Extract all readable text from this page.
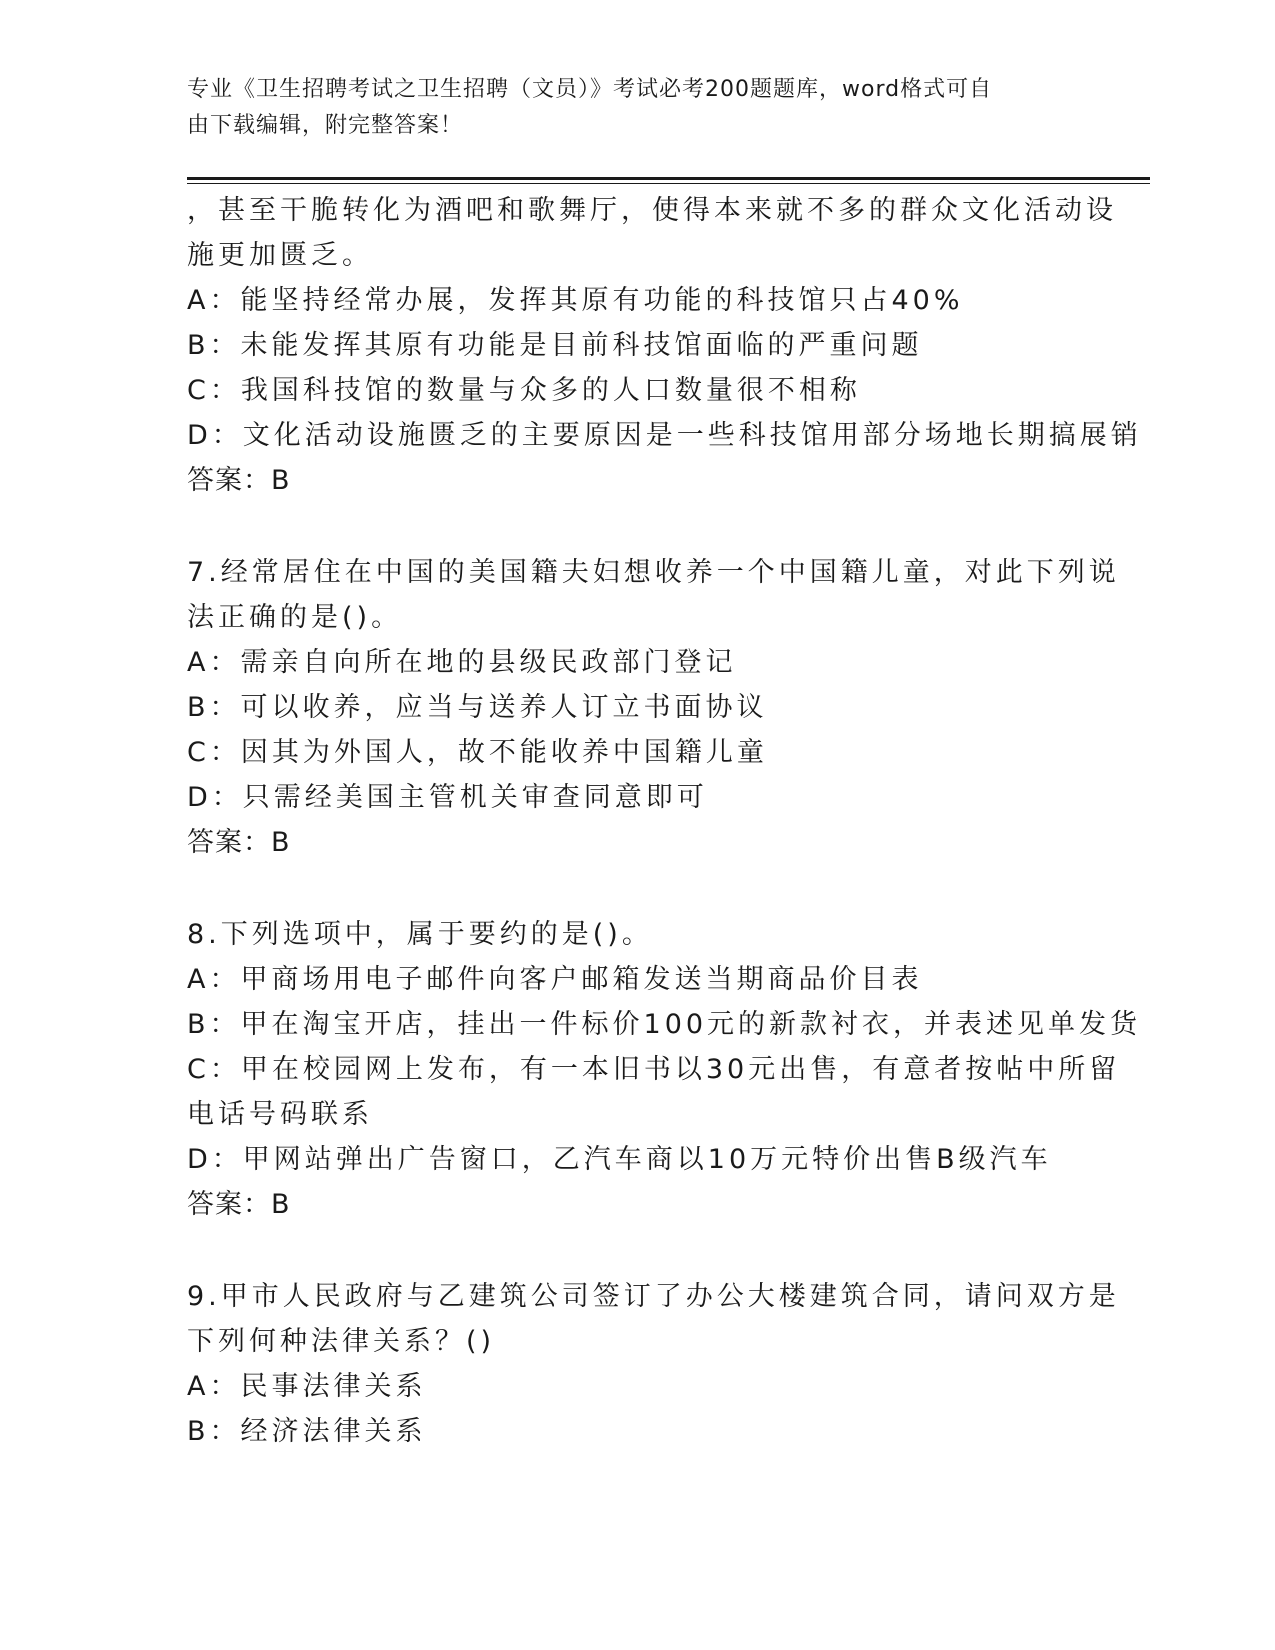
专业《卫生招聘考试之卫生招聘（文员）》考试必考200题题库，word格式可自
由下载编辑，附完整答案！
，甚至干脆转化为酒吧和歌舞厅，使得本来就不多的群众文化活动设
施更加匮乏。
A：能坚持经常办展，发挥其原有功能的科技馆只占40%
B：未能发挥其原有功能是目前科技馆面临的严重问题
C：我国科技馆的数量与众多的人口数量很不相称
D：文化活动设施匮乏的主要原因是一些科技馆用部分场地长期搞展销
答案：B
7.经常居住在中国的美国籍夫妇想收养一个中国籍儿童，对此下列说
法正确的是()。
A：需亲自向所在地的县级民政部门登记
B：可以收养，应当与送养人订立书面协议
C：因其为外国人，故不能收养中国籍儿童
D：只需经美国主管机关审查同意即可
答案：B
8.下列选项中，属于要约的是()。
A：甲商场用电子邮件向客户邮箱发送当期商品价目表
B：甲在淘宝开店，挂出一件标价100元的新款衬衣，并表述见单发货
C：甲在校园网上发布，有一本旧书以30元出售，有意者按帖中所留
电话号码联系
D：甲网站弹出广告窗口，乙汽车商以10万元特价出售B级汽车
答案：B
9.甲市人民政府与乙建筑公司签订了办公大楼建筑合同，请问双方是
下列何种法律关系？()
A：民事法律关系
B：经济法律关系
